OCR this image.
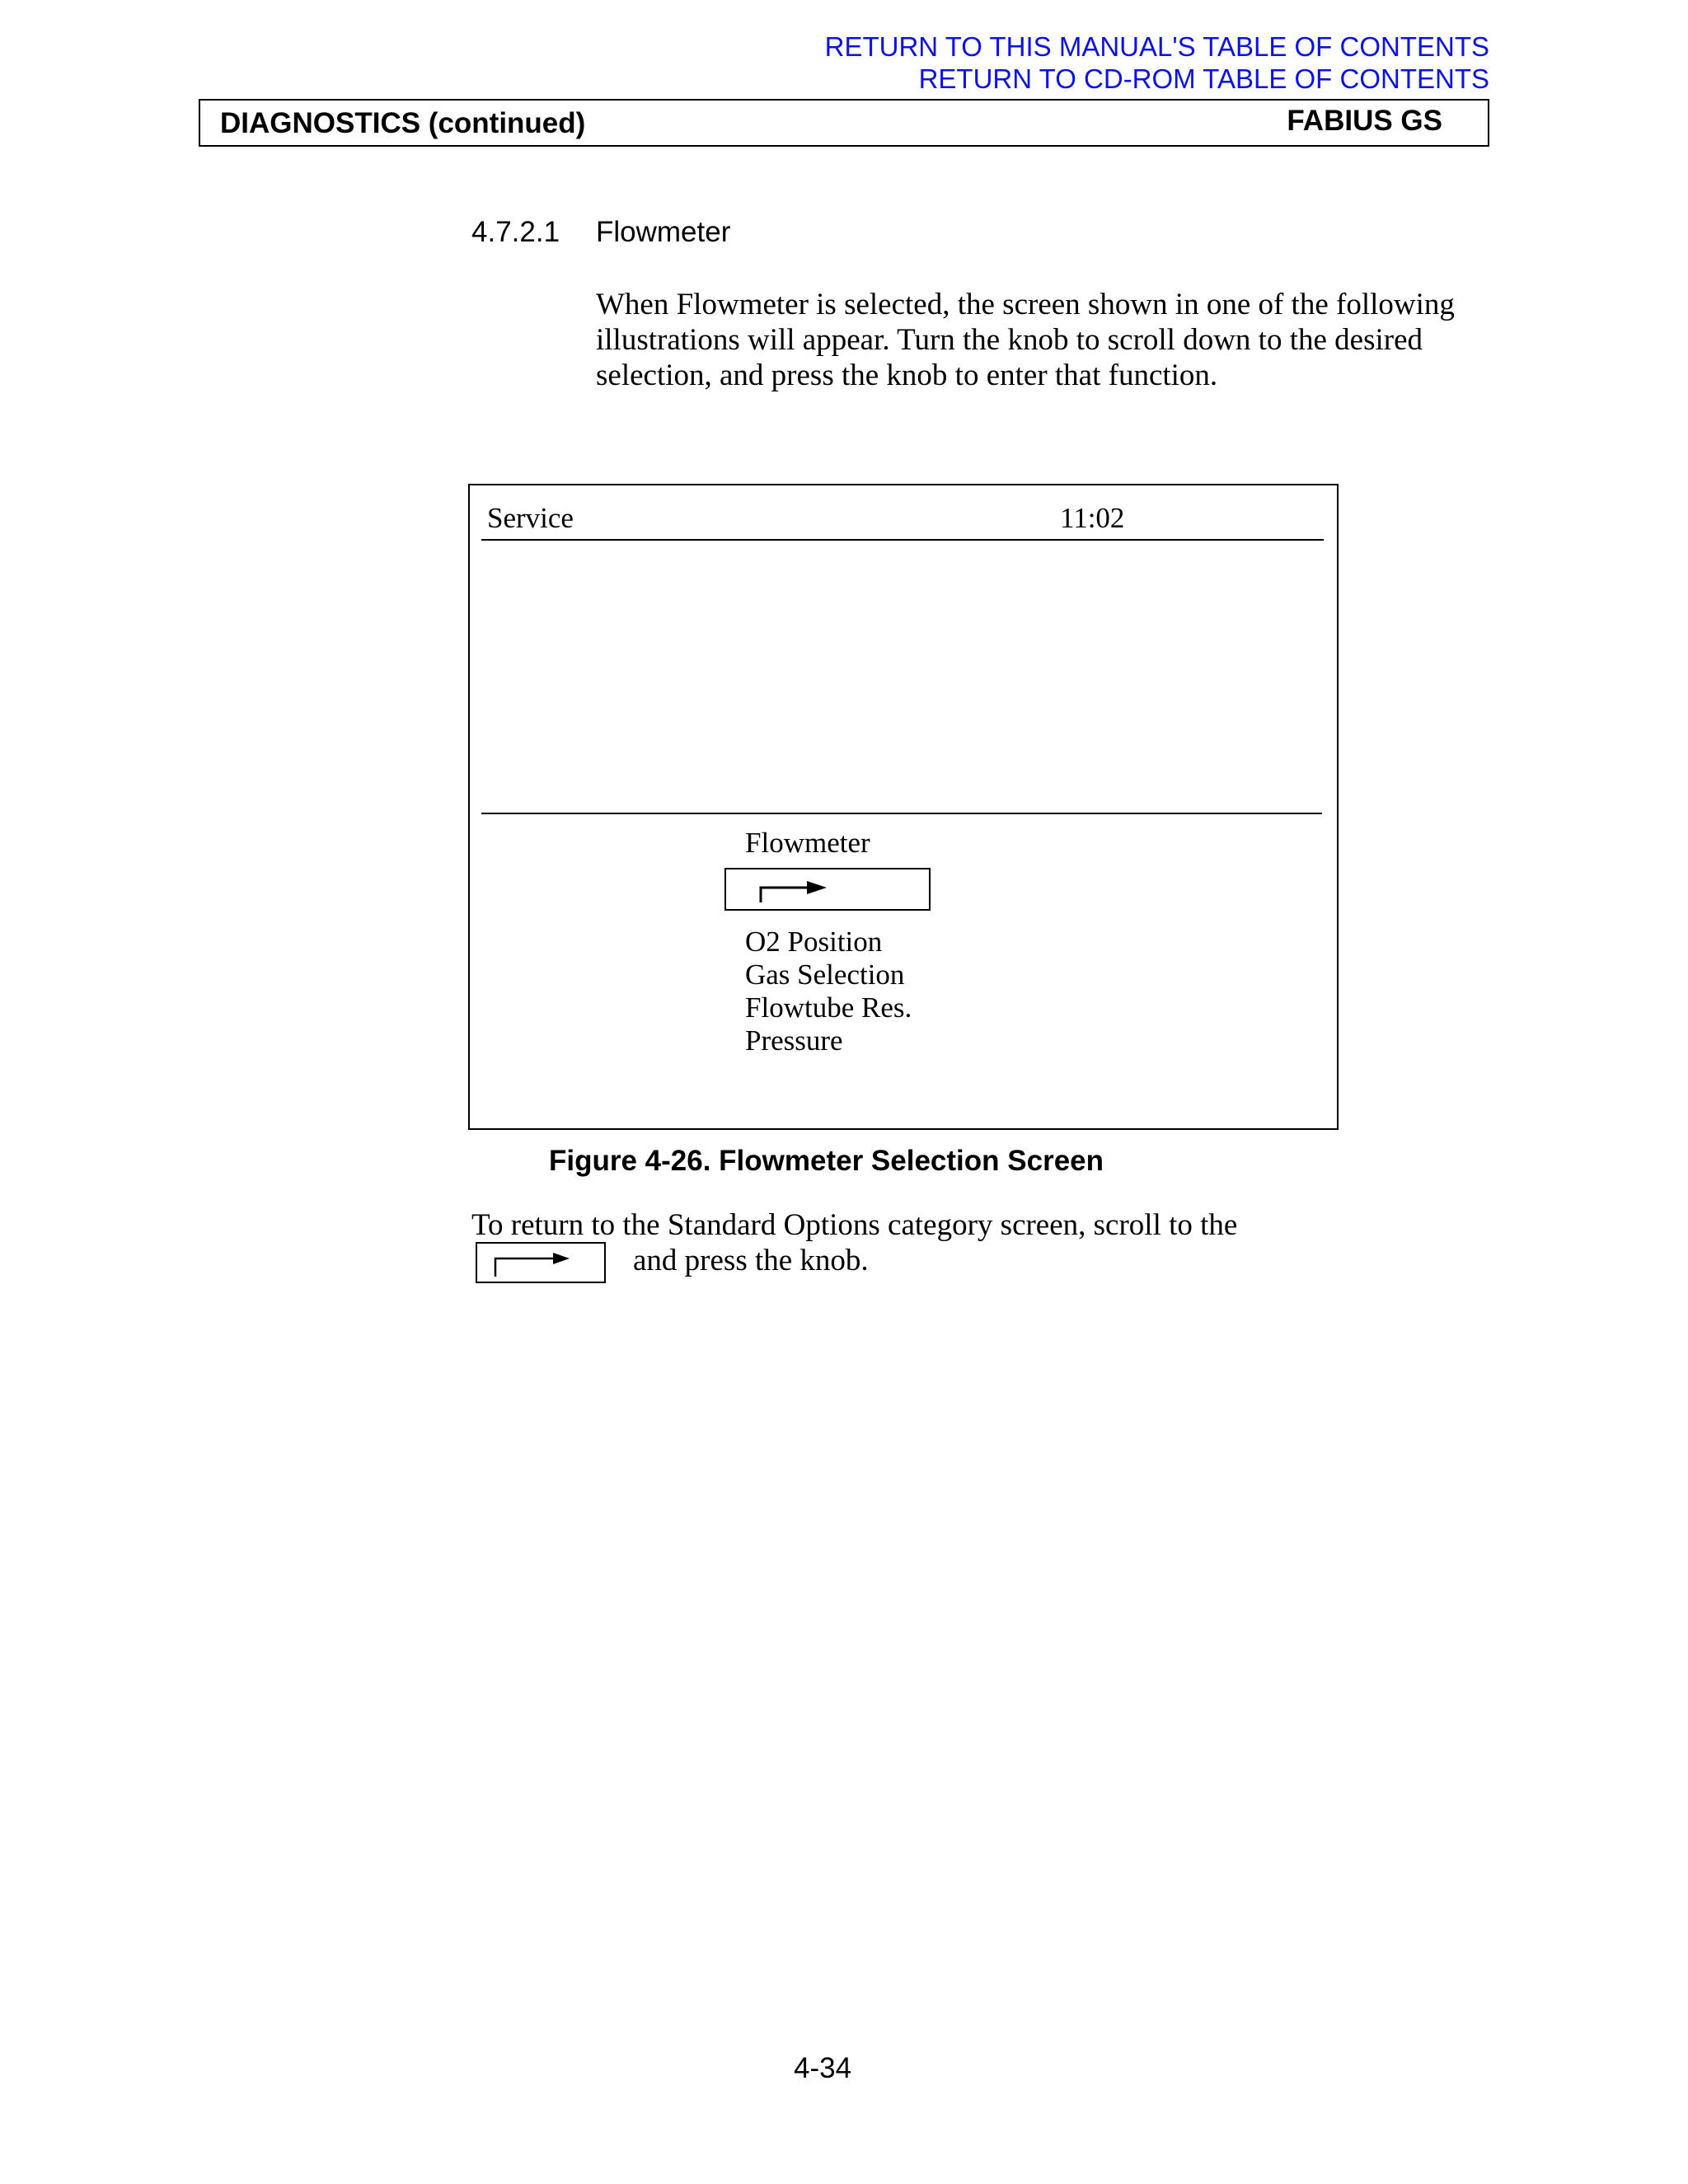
RETURN TO THIS MANUAL'S TABLE OF CONTENTS
RETURN TO CD-ROM TABLE OF CONTENTS
DIAGNOSTICS (continued)	FABIUS GS
4.7.2.1 Flowmeter
When Flowmeter is selected, the screen shown in one of the following illustrations will appear. Turn the knob to scroll down to the desired selection, and press the knob to enter that function.
Service	11:02
Flowmeter
O2 Position
Gas Selection
Flowtube Res.
Pressure
Figure 4-26. Flowmeter Selection Screen
To return to the Standard Options category screen, scroll to the
and press the knob.
4-34
